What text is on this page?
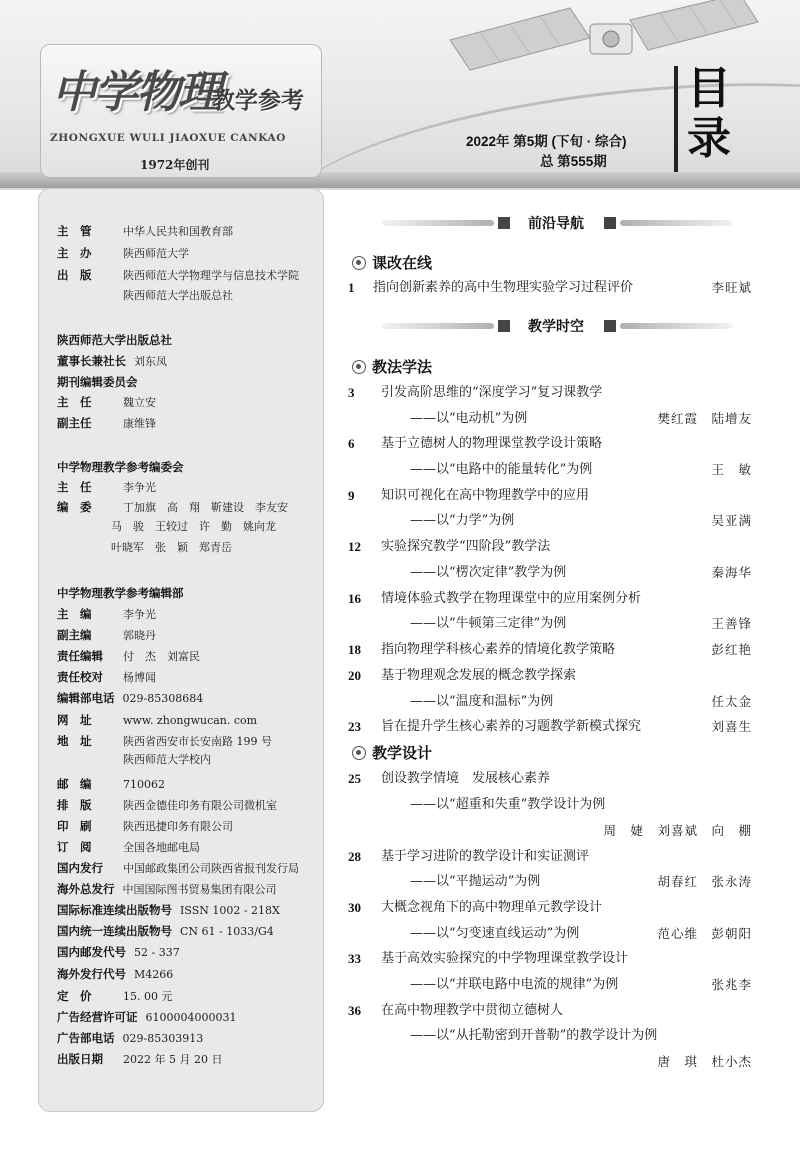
中学物理
教学参考
ZHONGXUE WULI JIAOXUE CANKAO
1972年创刊
2022年 第5期 (下旬 · 综合)
总 第555期
目录
主　管	中华人民共和国教育部
主　办	陕西师范大学
出　版	陕西师范大学物理学与信息技术学院
陕西师范大学出版总社
陕西师范大学出版总社
董事长兼社长 刘东凤
期刊编辑委员会
主　任	魏立安
副主任	康维锋
中学物理教学参考编委会
主　任	李争光
编　委	丁加旗　高　翔　靳建设　李友安
马　骏　王较过　许　勤　姚向龙
叶晓军　张　颖　郑青岳
中学物理教学参考编辑部
主　编	李争光
副主编	郭晓丹
责任编辑 付　杰　刘富民
责任校对 杨博闻
编辑部电话 029-85308684
网　址	www. zhongwucan. com
地　址	陕西省西安市长安南路 199 号
陕西师范大学校内
邮　编	710062
排　版	陕西金德佳印务有限公司微机室
印　刷	陕西迅捷印务有限公司
订　阅	全国各地邮电局
国内发行 中国邮政集团公司陕西省报刊发行局
海外总发行 中国国际图书贸易集团有限公司
国际标准连续出版物号 ISSN 1002 - 218X
国内统一连续出版物号 CN 61 - 1033/G4
国内邮发代号 52 - 337
海外发行代号 M4266
定　价	15. 00 元
广告经营许可证 6100004000031
广告部电话 029-85303913
出版日期 2022 年 5 月 20 日
前沿导航
课改在线
1	指向创新素养的高中生物理实验学习过程评价	李旺斌
教学时空
教法学法
3	引发高阶思维的“深度学习”复习课教学
——以“电动机”为例	樊红霞　陆增友
6	基于立德树人的物理课堂教学设计策略
——以“电路中的能量转化”为例	王　敏
9	知识可视化在高中物理教学中的应用
——以“力学”为例	吴亚满
12	实验探究教学“四阶段”教学法
——以“楞次定律”教学为例	秦海华
16	情境体验式教学在物理课堂中的应用案例分析
——以“牛顿第三定律”为例	王善锋
18	指向物理学科核心素养的情境化教学策略	彭红艳
20	基于物理观念发展的概念教学探索
——以“温度和温标”为例	任太金
23	旨在提升学生核心素养的习题教学新模式探究	刘喜生
教学设计
25	创设教学情境　发展核心素养
——以“超重和失重”教学设计为例
周　婕　刘喜斌　向　棚
28	基于学习进阶的教学设计和实证测评
——以“平抛运动”为例	胡春红　张永涛
30	大概念视角下的高中物理单元教学设计
——以“匀变速直线运动”为例	范心维　彭朝阳
33	基于高效实验探究的中学物理课堂教学设计
——以“并联电路中电流的规律”为例	张兆李
36	在高中物理教学中贯彻立德树人
——以“从托勒密到开普勒”的教学设计为例
唐　琪　杜小杰
